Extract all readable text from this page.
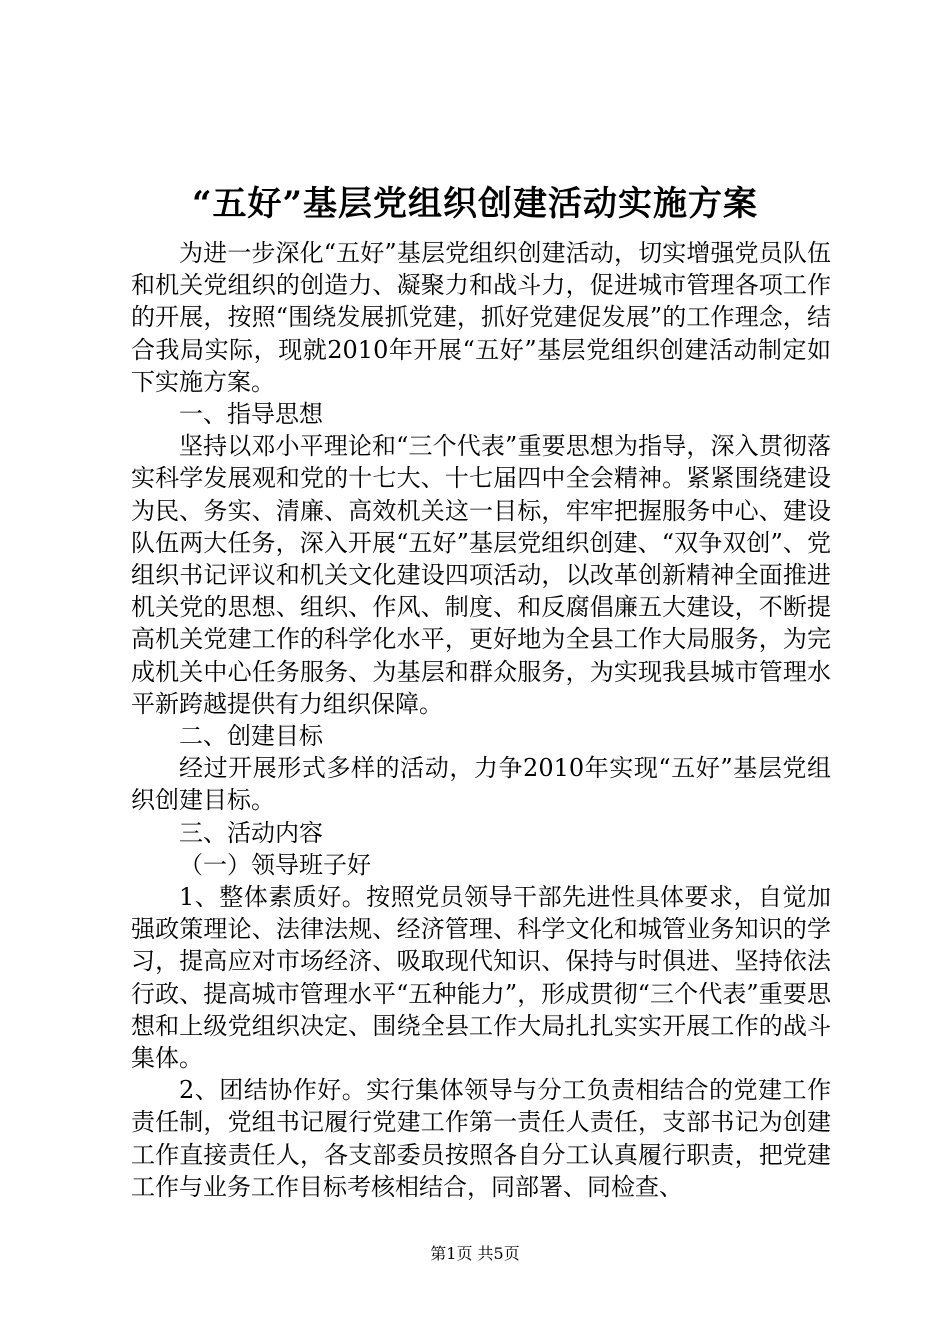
“五好”基层党组织创建活动实施方案

为进一步深化“五好”基层党组织创建活动，切实增强党员队伍和机关党组织的创造力、凝聚力和战斗力，促进城市管理各项工作的开展，按照“围绕发展抓党建，抓好党建促发展”的工作理念，结合我局实际，现就2010年开展“五好”基层党组织创建活动制定如下实施方案。

一、指导思想

坚持以邓小平理论和“三个代表”重要思想为指导，深入贯彻落实科学发展观和党的十七大、十七届四中全会精神。紧紧围绕建设为民、务实、清廉、高效机关这一目标，牢牢把握服务中心、建设队伍两大任务，深入开展“五好”基层党组织创建、“双争双创”、党组织书记评议和机关文化建设四项活动，以改革创新精神全面推进机关党的思想、组织、作风、制度、和反腐倡廉五大建设，不断提高机关党建工作的科学化水平，更好地为全县工作大局服务，为完成机关中心任务服务、为基层和群众服务，为实现我县城市管理水平新跨越提供有力组织保障。

二、创建目标

经过开展形式多样的活动，力争2010年实现“五好”基层党组织创建目标。

三、活动内容

（一）领导班子好

1、整体素质好。按照党员领导干部先进性具体要求，自觉加强政策理论、法律法规、经济管理、科学文化和城管业务知识的学习，提高应对市场经济、吸取现代知识、保持与时俱进、坚持依法行政、提高城市管理水平“五种能力”，形成贯彻“三个代表”重要思想和上级党组织决定、围绕全县工作大局扎扎实实开展工作的战斗集体。

2、团结协作好。实行集体领导与分工负责相结合的党建工作责任制，党组书记履行党建工作第一责任人责任，支部书记为创建工作直接责任人，各支部委员按照各自分工认真履行职责，把党建工作与业务工作目标考核相结合，同部署、同检查、

第1页 共5页
